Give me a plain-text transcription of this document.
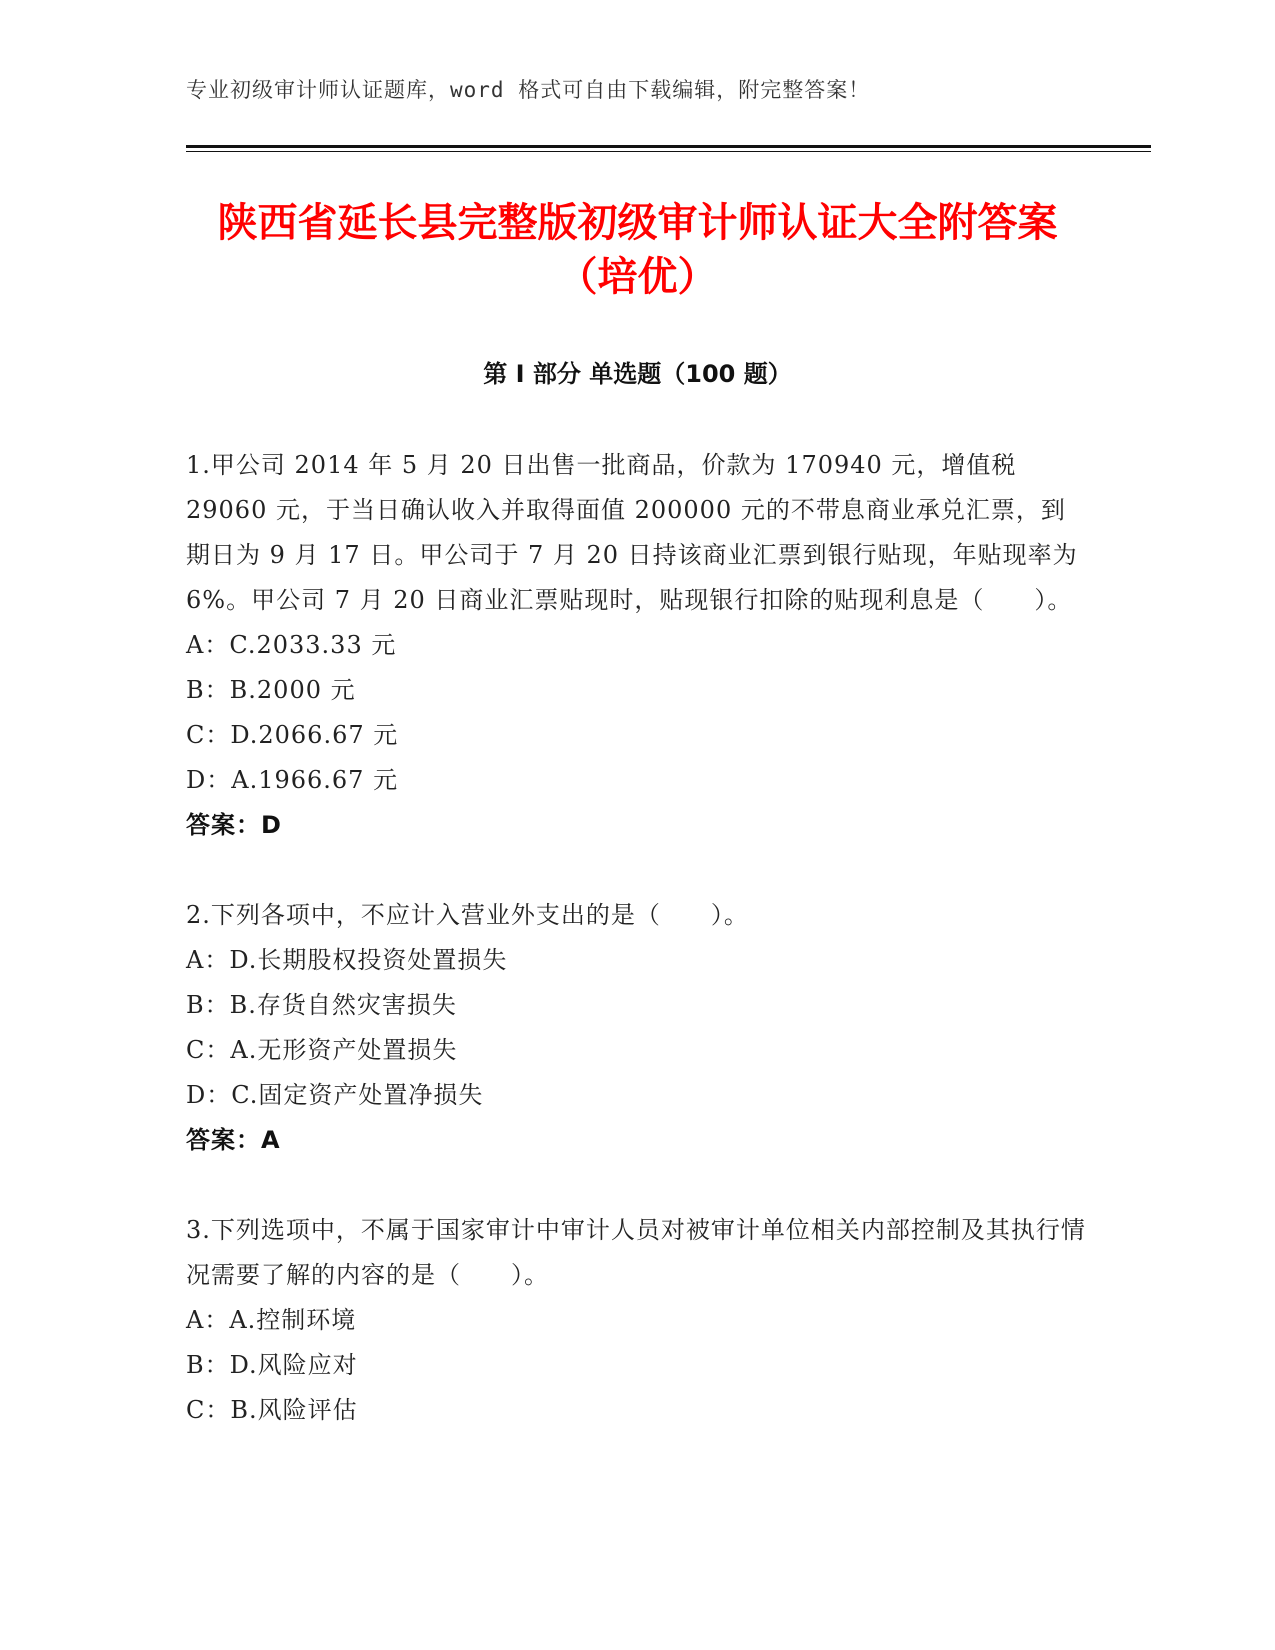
专业初级审计师认证题库，word 格式可自由下载编辑，附完整答案！
陕西省延长县完整版初级审计师认证大全附答案（培优）
第 I 部分 单选题（100 题）

1.甲公司 2014 年 5 月 20 日出售一批商品，价款为 170940 元，增值税 29060 元，于当日确认收入并取得面值 200000 元的不带息商业承兑汇票，到期日为 9 月 17 日。甲公司于 7 月 20 日持该商业汇票到银行贴现，年贴现率为 6%。甲公司 7 月 20 日商业汇票贴现时，贴现银行扣除的贴现利息是（　　）。

A：C.2033.33 元

B：B.2000 元

C：D.2066.67 元

D：A.1966.67 元

答案：D

2.下列各项中，不应计入营业外支出的是（　　）。

A：D.长期股权投资处置损失

B：B.存货自然灾害损失

C：A.无形资产处置损失

D：C.固定资产处置净损失

答案：A

3.下列选项中，不属于国家审计中审计人员对被审计单位相关内部控制及其执行情况需要了解的内容的是（　　）。

A：A.控制环境

B：D.风险应对

C：B.风险评估
